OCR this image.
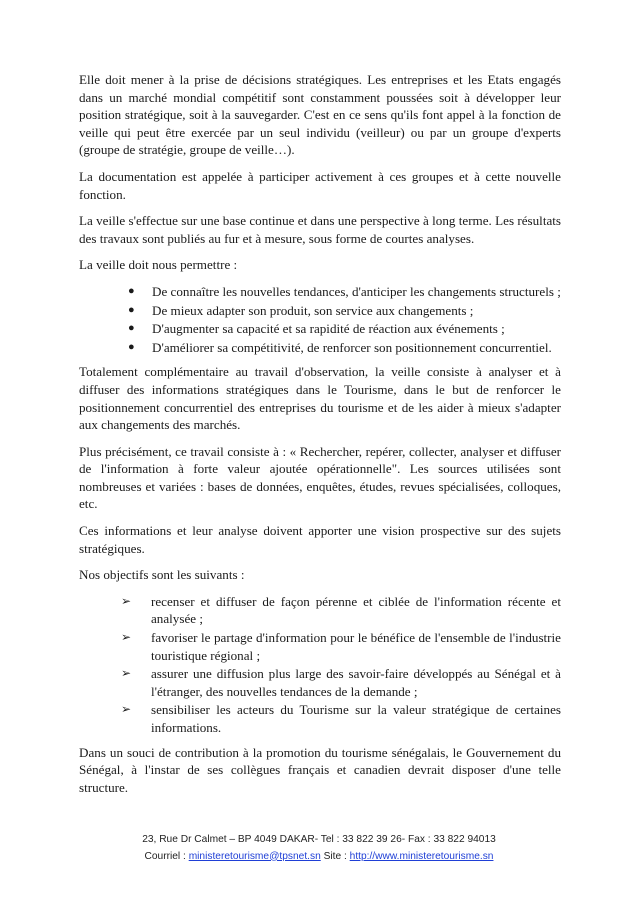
Elle doit mener à la prise de décisions stratégiques. Les entreprises et les Etats engagés dans un marché mondial compétitif sont constamment poussées soit à développer leur position stratégique, soit à la sauvegarder. C'est en ce sens qu'ils font appel à la fonction de veille qui peut être exercée par un seul individu (veilleur) ou par un groupe d'experts (groupe de stratégie, groupe de veille…).

La documentation est appelée à participer activement à ces groupes et à cette nouvelle fonction.

La veille s'effectue sur une base continue et dans une perspective à long terme. Les résultats des travaux sont publiés au fur et à mesure, sous forme de courtes analyses.

La veille doit nous permettre :

● De connaître les nouvelles tendances, d'anticiper les changements structurels ;
● De mieux adapter son produit, son service aux changements ;
● D'augmenter sa capacité et sa rapidité de réaction aux événements ;
● D'améliorer sa compétitivité, de renforcer son positionnement concurrentiel.

Totalement complémentaire au travail d'observation, la veille consiste à analyser et à diffuser des informations stratégiques dans le Tourisme, dans le but de renforcer le positionnement concurrentiel des entreprises du tourisme et de les aider à mieux s'adapter aux changements des marchés.

Plus précisément, ce travail consiste à : « Rechercher, repérer, collecter, analyser et diffuser de l'information à forte valeur ajoutée opérationnelle". Les sources utilisées sont nombreuses et variées : bases de données, enquêtes, études, revues spécialisées, colloques, etc.

Ces informations et leur analyse doivent apporter une vision prospective sur des sujets stratégiques.

Nos objectifs sont les suivants :

➢ recenser et diffuser de façon pérenne et ciblée de l'information récente et analysée ;
➢ favoriser le partage d'information pour le bénéfice de l'ensemble de l'industrie touristique régional ;
➢ assurer une diffusion plus large des savoir-faire développés au Sénégal et à l'étranger, des nouvelles tendances de la demande ;
➢ sensibiliser les acteurs du Tourisme sur la valeur stratégique de certaines informations.

Dans un souci de contribution à la promotion du tourisme sénégalais, le Gouvernement du Sénégal, à l'instar de ses collègues français et canadien devrait disposer d'une telle structure.

23, Rue Dr Calmet – BP 4049 DAKAR- Tel : 33 822 39 26- Fax : 33 822 94013
Courriel : ministeretourisme@tpsnet.sn Site : http://www.ministeretourisme.sn
